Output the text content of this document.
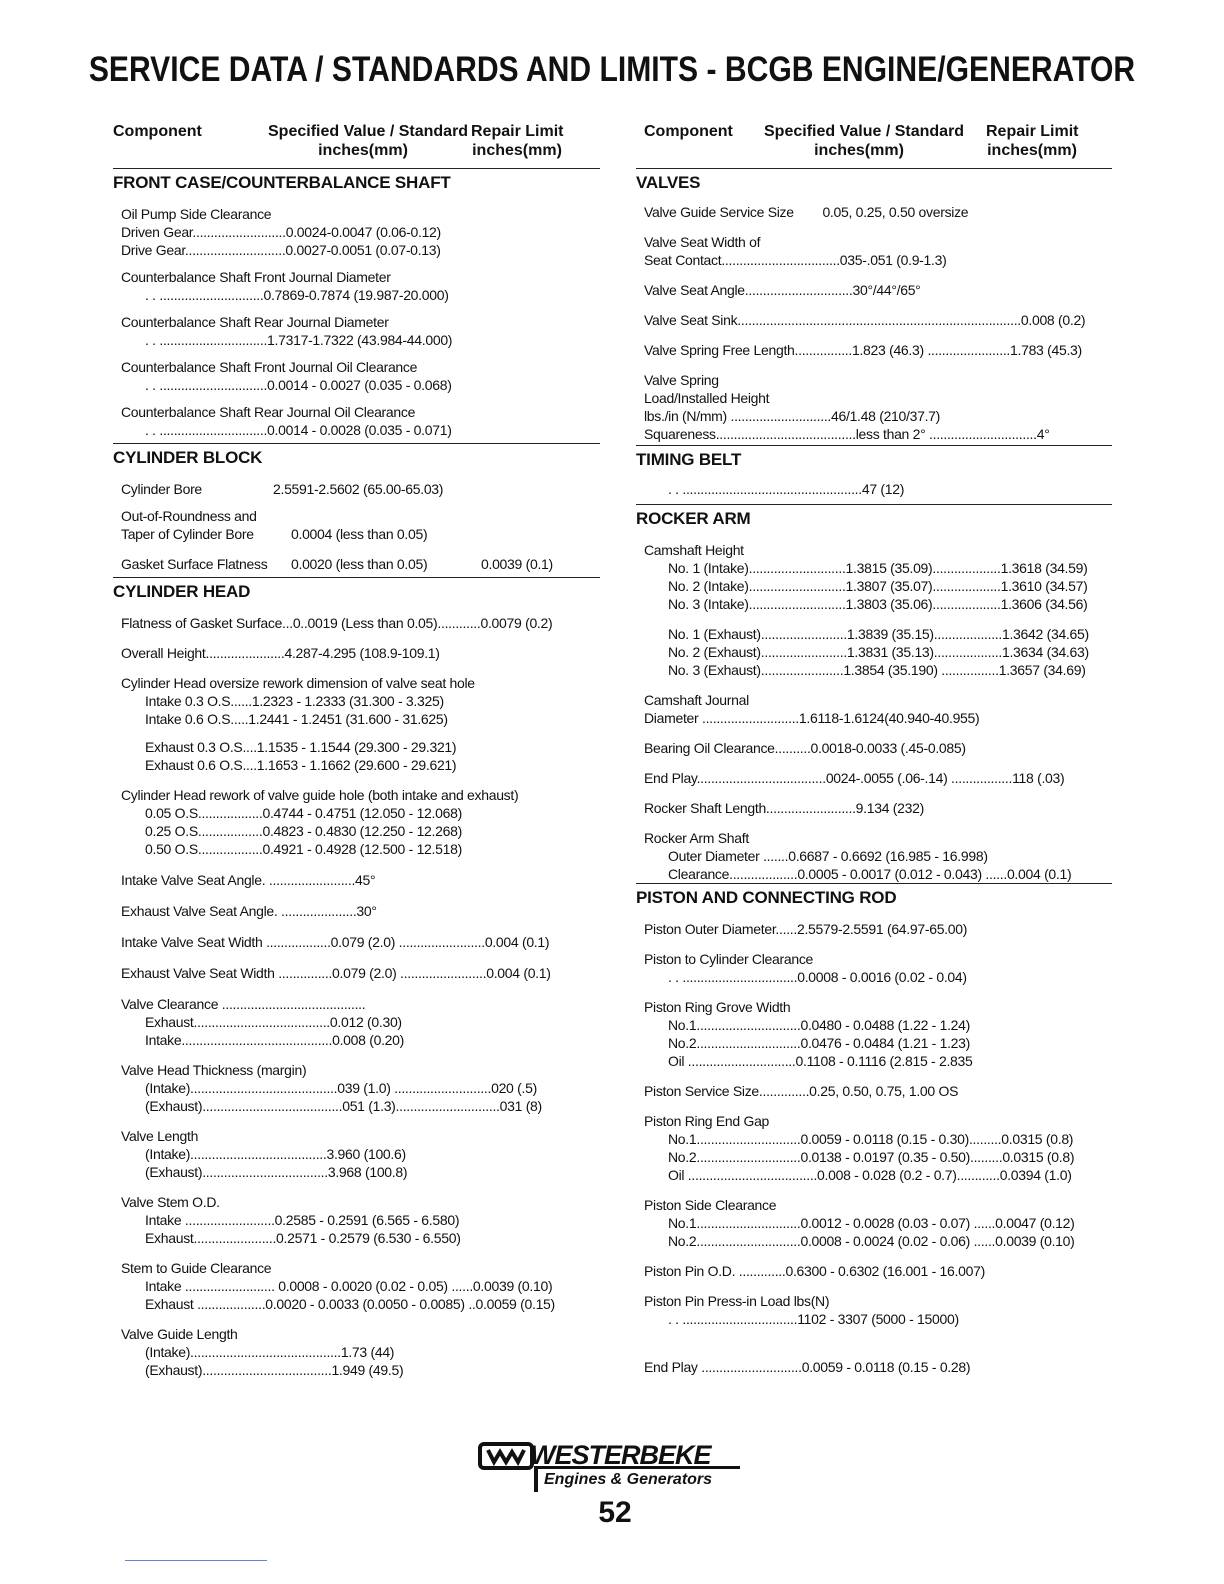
SERVICE DATA / STANDARDS AND LIMITS - BCGB ENGINE/GENERATOR
Component	Specified Value / Standard
inches(mm)
Repair Limit
inches(mm)
FRONT CASE/COUNTERBALANCE SHAFT
Oil Pump Side Clearance
Driven Gear..........................0.0024-0.0047 (0.06-0.12)
Drive Gear............................0.0027-0.0051 (0.07-0.13)
Counterbalance Shaft Front Journal Diameter
. . .............................0.7869-0.7874 (19.987-20.000)
Counterbalance Shaft Rear Journal Diameter
. . ..............................1.7317-1.7322 (43.984-44.000)
Counterbalance Shaft Front Journal Oil Clearance
. . ..............................0.0014 - 0.0027 (0.035 - 0.068)
Counterbalance Shaft Rear Journal Oil Clearance
. . ..............................0.0014 - 0.0028 (0.035 - 0.071)
CYLINDER BLOCK
Cylinder Bore	2.5591-2.5602 (65.00-65.03)
Out-of-Roundness and
Taper of Cylinder Bore	0.0004 (less than 0.05)
Gasket Surface Flatness 0.0020 (less than 0.05)	0.0039 (0.1)
CYLINDER HEAD
Flatness of Gasket Surface...0..0019 (Less than 0.05)............0.0079 (0.2)
Overall Height......................4.287-4.295 (108.9-109.1)
Cylinder Head oversize rework dimension of valve seat hole
Intake 0.3 O.S......1.2323 - 1.2333 (31.300 - 3.325)
Intake 0.6 O.S.....1.2441 - 1.2451 (31.600 - 31.625)
Exhaust 0.3 O.S....1.1535 - 1.1544 (29.300 - 29.321)
Exhaust 0.6 O.S....1.1653 - 1.1662 (29.600 - 29.621)
Cylinder Head rework of valve guide hole (both intake and exhaust)
0.05 O.S..................0.4744 - 0.4751 (12.050 - 12.068)
0.25 O.S..................0.4823 - 0.4830 (12.250 - 12.268)
0.50 O.S..................0.4921 - 0.4928 (12.500 - 12.518)
Intake Valve Seat Angle. ........................45°
Exhaust Valve Seat Angle. .....................30°
Intake Valve Seat Width ..................0.079 (2.0) ........................0.004 (0.1)
Exhaust Valve Seat Width ...............0.079 (2.0) ........................0.004 (0.1)
Valve Clearance ........................................
Exhaust......................................0.012 (0.30)
Intake..........................................0.008 (0.20)
Valve Head Thickness (margin)
(Intake).........................................039 (1.0) ...........................020 (.5)
(Exhaust).......................................051 (1.3).............................031 (8)
Valve Length
(Intake)......................................3.960 (100.6)
(Exhaust)...................................3.968 (100.8)
Valve Stem O.D.
Intake .........................0.2585 - 0.2591 (6.565 - 6.580)
Exhaust.......................0.2571 - 0.2579 (6.530 - 6.550)
Stem to Guide Clearance
Intake ......................... 0.0008 - 0.0020 (0.02 - 0.05) ......0.0039 (0.10)
Exhaust ...................0.0020 - 0.0033 (0.0050 - 0.0085) ..0.0059 (0.15)
Valve Guide Length
(Intake)..........................................1.73 (44)
(Exhaust)....................................1.949 (49.5)
Component Specified Value / Standard
inches(mm)
Repair Limit
inches(mm)
VALVES
Valve Guide Service Size        0.05, 0.25, 0.50 oversize
Valve Seat Width of
Seat Contact.................................035-.051 (0.9-1.3)
Valve Seat Angle..............................30°/44°/65°
Valve Seat Sink...............................................................................0.008 (0.2)
Valve Spring Free Length................1.823 (46.3) .......................1.783 (45.3)
Valve Spring
Load/Installed Height
lbs./in (N/mm) ............................46/1.48 (210/37.7)
Squareness.......................................less than 2° ..............................4°
TIMING BELT
. . ..................................................47 (12)
ROCKER ARM
Camshaft Height
No. 1 (Intake)...........................1.3815 (35.09)...................1.3618 (34.59)
No. 2 (Intake)...........................1.3807 (35.07)...................1.3610 (34.57)
No. 3 (Intake)...........................1.3803 (35.06)...................1.3606 (34.56)
No. 1 (Exhaust)........................1.3839 (35.15)...................1.3642 (34.65)
No. 2 (Exhaust)........................1.3831 (35.13)...................1.3634 (34.63)
No. 3 (Exhaust).......................1.3854 (35.190) ................1.3657 (34.69)
Camshaft Journal
Diameter ...........................1.6118-1.6124(40.940-40.955)
Bearing Oil Clearance..........0.0018-0.0033 (.45-0.085)
End Play....................................0024-.0055 (.06-.14) .................118 (.03)
Rocker Shaft Length.........................9.134 (232)
Rocker Arm Shaft
Outer Diameter .......0.6687 - 0.6692 (16.985 - 16.998)
Clearance...................0.0005 - 0.0017 (0.012 - 0.043) ......0.004 (0.1)
PISTON AND CONNECTING ROD
Piston Outer Diameter......2.5579-2.5591 (64.97-65.00)
Piston to Cylinder Clearance
. . ................................0.0008 - 0.0016 (0.02 - 0.04)
Piston Ring Grove Width
No.1.............................0.0480 - 0.0488 (1.22 - 1.24)
No.2.............................0.0476 - 0.0484 (1.21 - 1.23)
Oil ..............................0.1108 - 0.1116 (2.815 - 2.835
Piston Service Size..............0.25, 0.50, 0.75, 1.00 OS
Piston Ring End Gap
No.1.............................0.0059 - 0.0118 (0.15 - 0.30).........0.0315 (0.8)
No.2.............................0.0138 - 0.0197 (0.35 - 0.50).........0.0315 (0.8)
Oil ....................................0.008 - 0.028 (0.2 - 0.7)............0.0394 (1.0)
Piston Side Clearance
No.1.............................0.0012 - 0.0028 (0.03 - 0.07) ......0.0047 (0.12)
No.2.............................0.0008 - 0.0024 (0.02 - 0.06) ......0.0039 (0.10)
Piston Pin O.D. .............0.6300 - 0.6302 (16.001 - 16.007)
Piston Pin Press-in Load lbs(N)
. . ................................1102 - 3307 (5000 - 15000)
End Play ............................0.0059 - 0.0118 (0.15 - 0.28)
WESTERBEKE
Engines & Generators
52
